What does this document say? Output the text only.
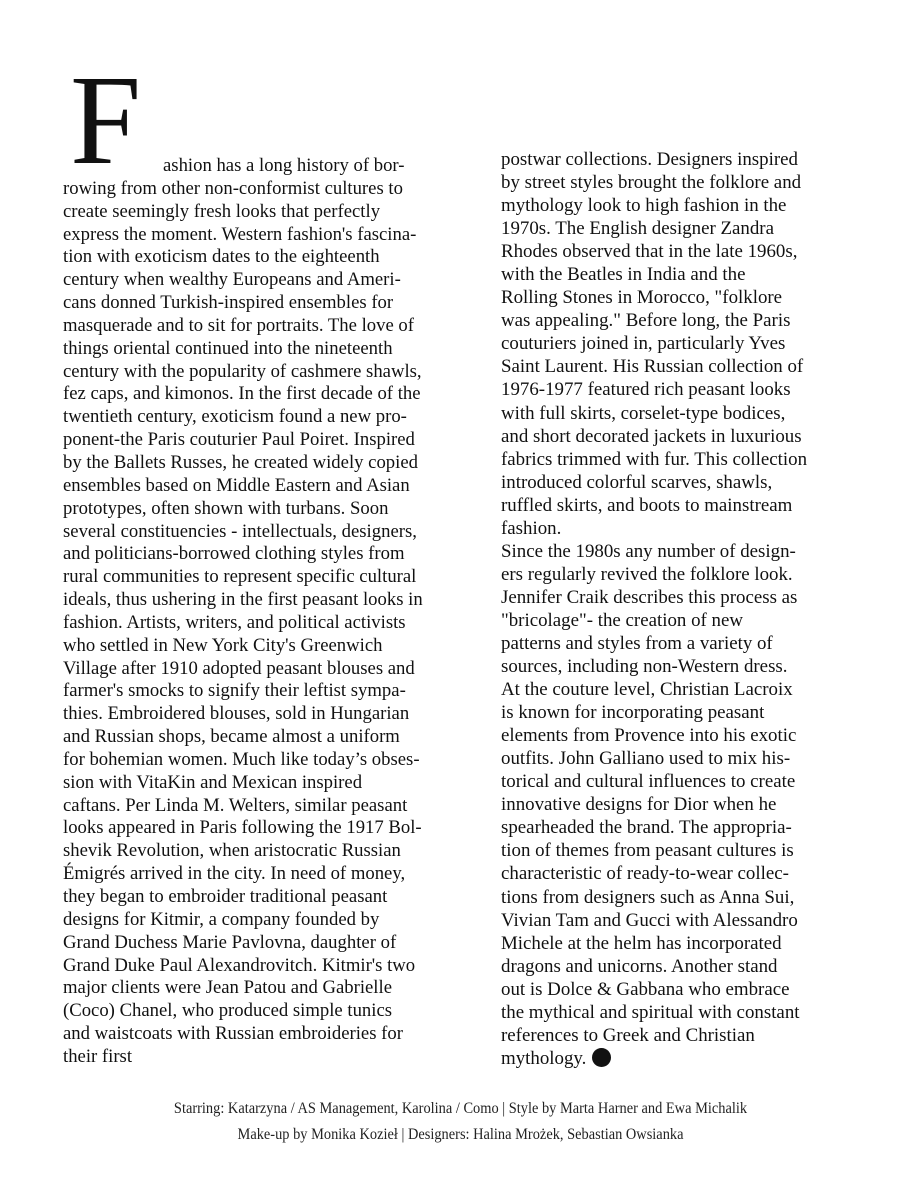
F	ashion has a long history of bor-
rowing from other non-conformist cultures to
create seemingly fresh looks that perfectly
express the moment. Western fashion's fascina-
tion with exoticism dates to the eighteenth
century when wealthy Europeans and Ameri-
cans donned Turkish-inspired ensembles for
masquerade and to sit for portraits. The love of
things oriental continued into the nineteenth
century with the popularity of cashmere shawls,
fez caps, and kimonos. In the first decade of the
twentieth century, exoticism found a new pro-
ponent-the Paris couturier Paul Poiret. Inspired
by the Ballets Russes, he created widely copied
ensembles based on Middle Eastern and Asian
prototypes, often shown with turbans. Soon
several constituencies - intellectuals, designers,
and politicians-borrowed clothing styles from
rural communities to represent specific cultural
ideals, thus ushering in the first peasant looks in
fashion. Artists, writers, and political activists
who settled in New York City's Greenwich
Village after 1910 adopted peasant blouses and
farmer's smocks to signify their leftist sympa-
thies. Embroidered blouses, sold in Hungarian
and Russian shops, became almost a uniform
for bohemian women. Much like today’s obses-
sion with VitaKin and Mexican inspired
caftans. Per Linda M. Welters, similar peasant
looks appeared in Paris following the 1917 Bol-
shevik Revolution, when aristocratic Russian
Émigrés arrived in the city. In need of money,
they began to embroider traditional peasant
designs for Kitmir, a company founded by
Grand Duchess Marie Pavlovna, daughter of
Grand Duke Paul Alexandrovitch. Kitmir's two
major clients were Jean Patou and Gabrielle
(Coco) Chanel, who produced simple tunics
and waistcoats with Russian embroideries for
their first
postwar collections. Designers inspired
by street styles brought the folklore and
mythology look to high fashion in the
1970s. The English designer Zandra
Rhodes observed that in the late 1960s,
with the Beatles in India and the
Rolling Stones in Morocco, "folklore
was appealing." Before long, the Paris
couturiers joined in, particularly Yves
Saint Laurent. His Russian collection of
1976-1977 featured rich peasant looks
with full skirts, corselet-type bodices,
and short decorated jackets in luxurious
fabrics trimmed with fur. This collection
introduced colorful scarves, shawls,
ruffled skirts, and boots to mainstream
fashion.
Since the 1980s any number of design-
ers regularly revived the folklore look.
Jennifer Craik describes this process as
"bricolage"- the creation of new
patterns and styles from a variety of
sources, including non-Western dress.
At the couture level, Christian Lacroix
is known for incorporating peasant
elements from Provence into his exotic
outfits. John Galliano used to mix his-
torical and cultural influences to create
innovative designs for Dior when he
spearheaded the brand. The appropria-
tion of themes from peasant cultures is
characteristic of ready-to-wear collec-
tions from designers such as Anna Sui,
Vivian Tam and Gucci with Alessandro
Michele at the helm has incorporated
dragons and unicorns. Another stand
out is Dolce & Gabbana who embrace
the mythical and spiritual with constant
references to Greek and Christian
mythology.
Starring: Katarzyna / AS Management, Karolina / Como | Style by Marta Harner and Ewa Michalik
Make-up by Monika Kozieł | Designers: Halina Mrożek, Sebastian Owsianka
